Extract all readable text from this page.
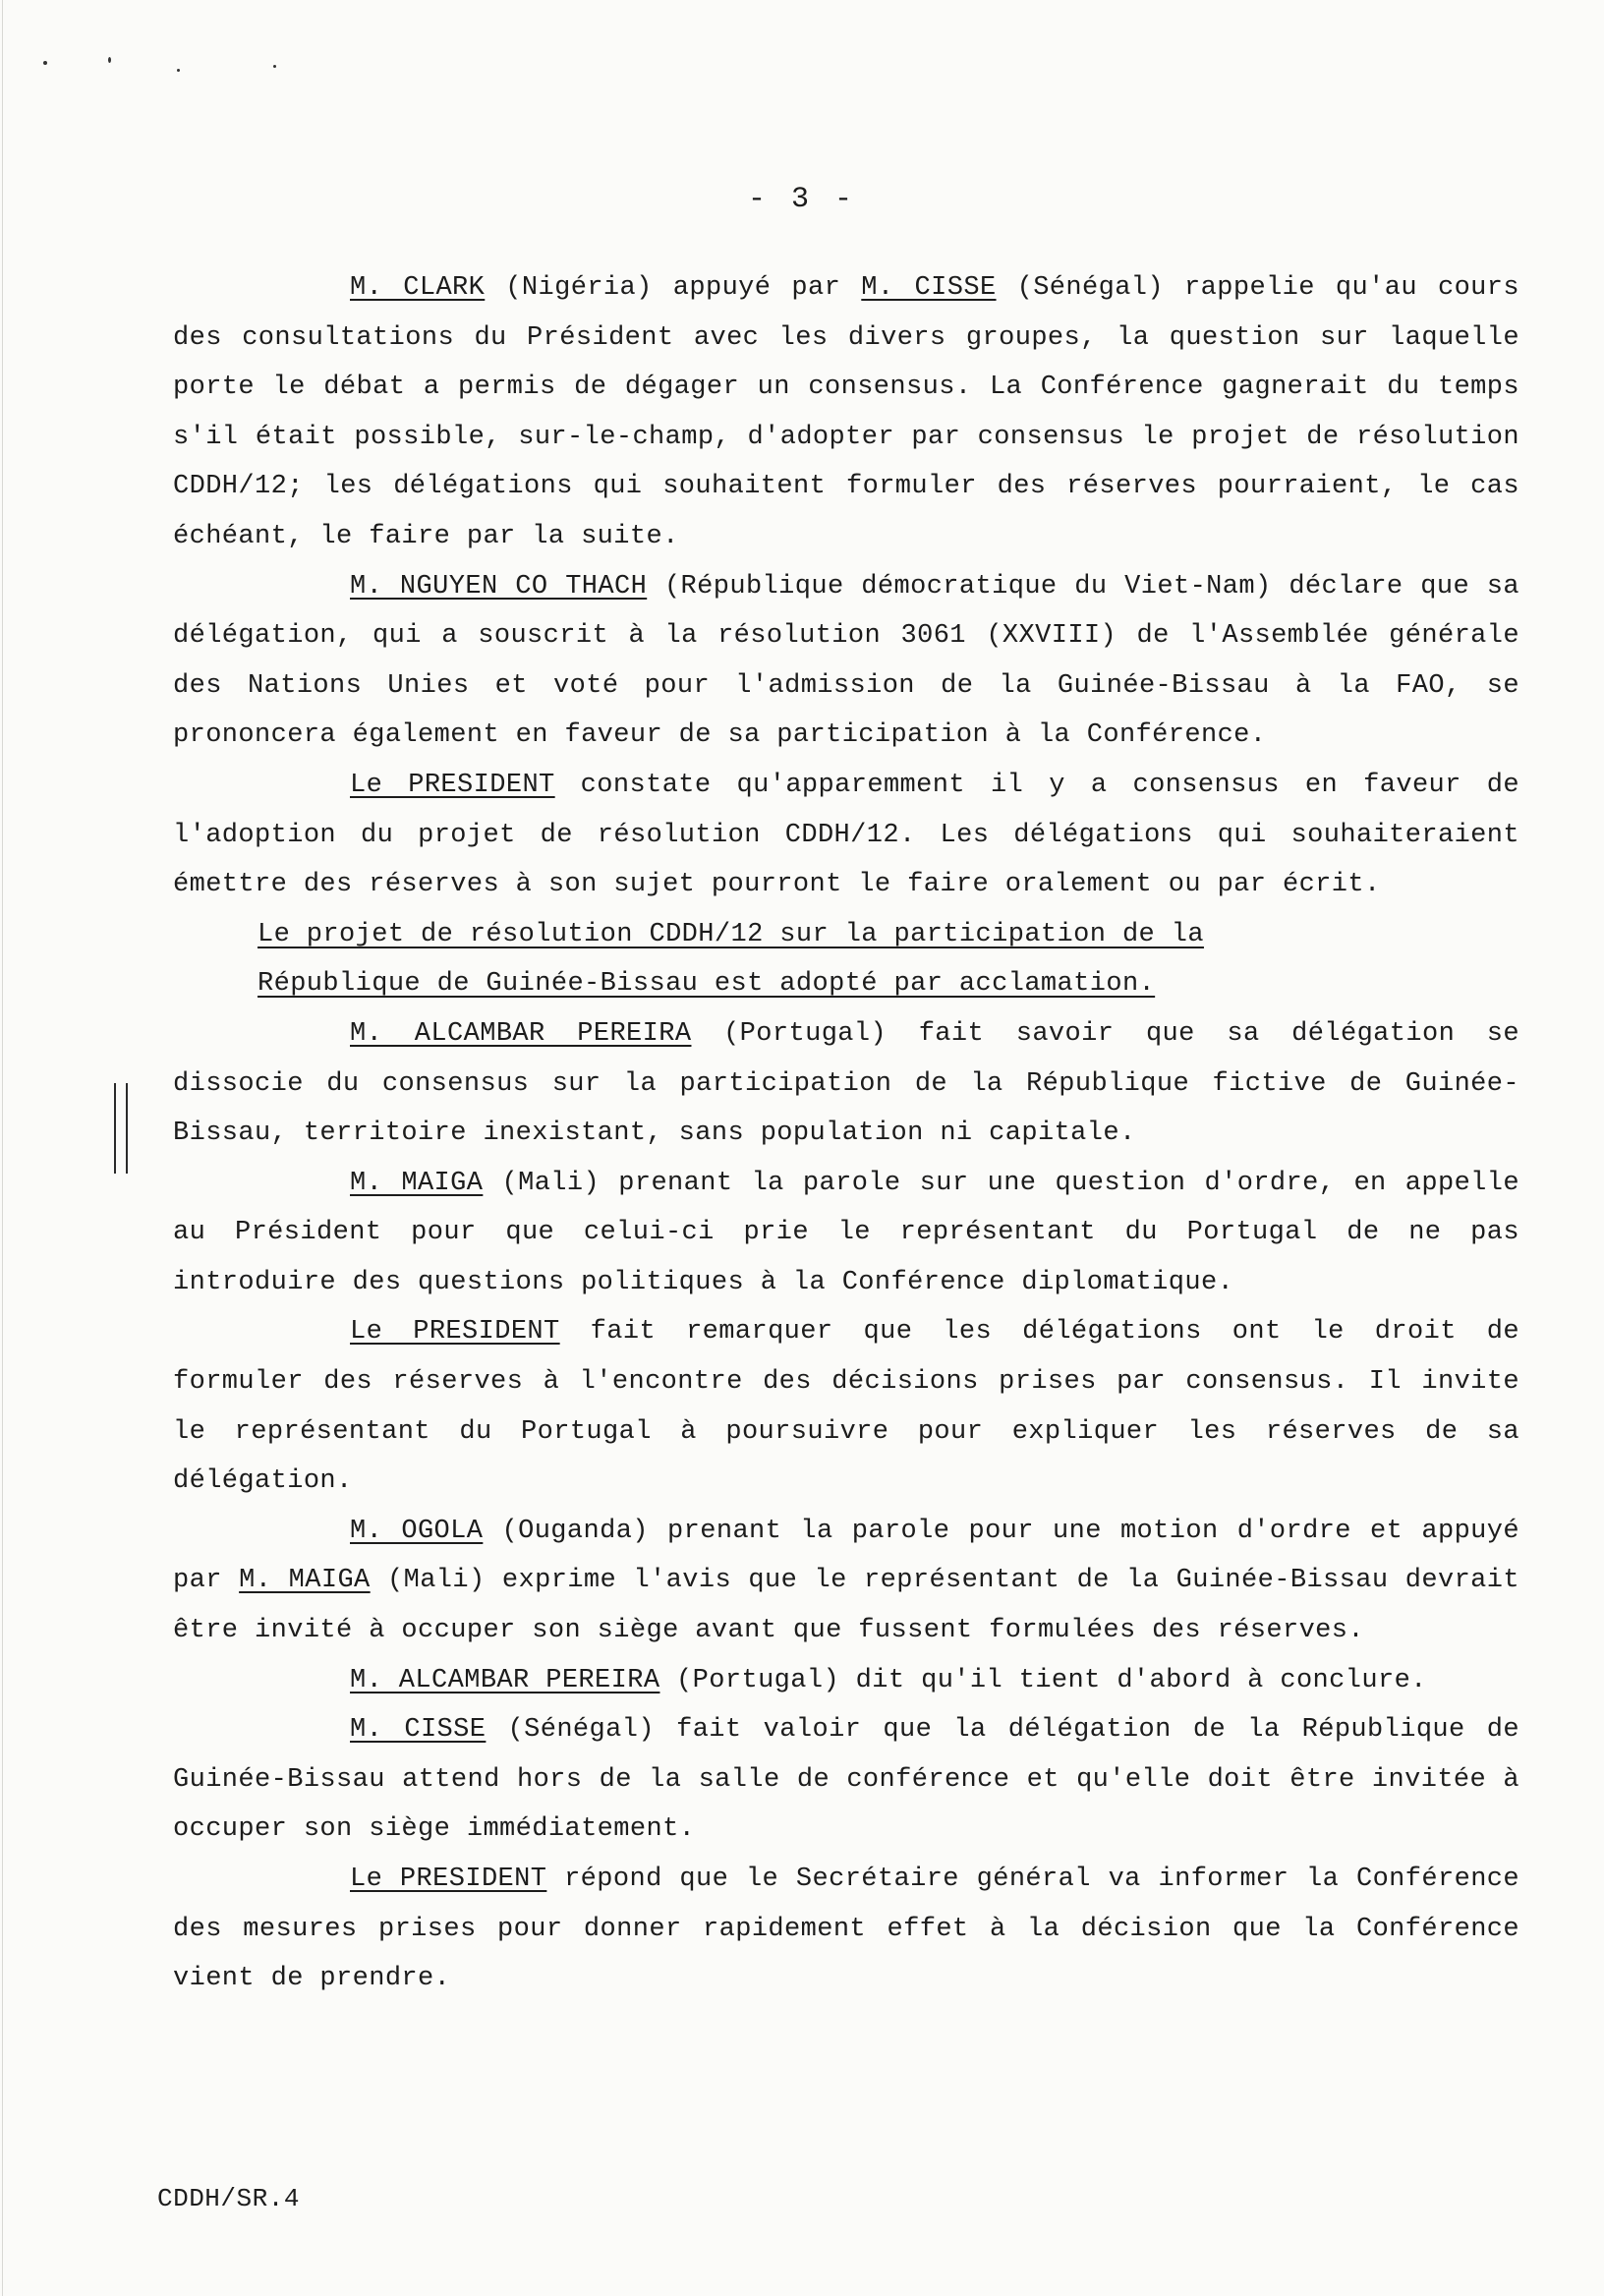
- 3 -

M. CLARK (Nigéria) appuyé par M. CISSE (Sénégal) rappelie qu'au cours des consultations du Président avec les divers groupes, la question sur laquelle porte le débat a permis de dégager un consensus. La Conférence gagnerait du temps s'il était possible, sur-le-champ, d'adopter par consensus le projet de résolution CDDH/12; les délégations qui souhaitent formuler des réserves pourraient, le cas échéant, le faire par la suite.

M. NGUYEN CO THACH (République démocratique du Viet-Nam) déclare que sa délégation, qui a souscrit à la résolution 3061 (XXVIII) de l'Assemblée générale des Nations Unies et voté pour l'admission de la Guinée-Bissau à la FAO, se prononcera également en faveur de sa participation à la Conférence.

Le PRESIDENT constate qu'apparemment il y a consensus en faveur de l'adoption du projet de résolution CDDH/12. Les délégations qui souhaiteraient émettre des réserves à son sujet pourront le faire oralement ou par écrit.

Le projet de résolution CDDH/12 sur la participation de la République de Guinée-Bissau est adopté par acclamation.

M. ALCAMBAR PEREIRA (Portugal) fait savoir que sa délégation se dissocie du consensus sur la participation de la République fictive de Guinée-Bissau, territoire inexistant, sans population ni capitale.

M. MAIGA (Mali) prenant la parole sur une question d'ordre, en appelle au Président pour que celui-ci prie le représentant du Portugal de ne pas introduire des questions politiques à la Conférence diplomatique.

Le PRESIDENT fait remarquer que les délégations ont le droit de formuler des réserves à l'encontre des décisions prises par consensus. Il invite le représentant du Portugal à poursuivre pour expliquer les réserves de sa délégation.

M. OGOLA (Ouganda) prenant la parole pour une motion d'ordre et appuyé par M. MAIGA (Mali) exprime l'avis que le représentant de la Guinée-Bissau devrait être invité à occuper son siège avant que fussent formulées des réserves.

M. ALCAMBAR PEREIRA (Portugal) dit qu'il tient d'abord à conclure.

M. CISSE (Sénégal) fait valoir que la délégation de la République de Guinée-Bissau attend hors de la salle de conférence et qu'elle doit être invitée à occuper son siège immédiatement.

Le PRESIDENT répond que le Secrétaire général va informer la Conférence des mesures prises pour donner rapidement effet à la décision que la Conférence vient de prendre.

CDDH/SR.4
